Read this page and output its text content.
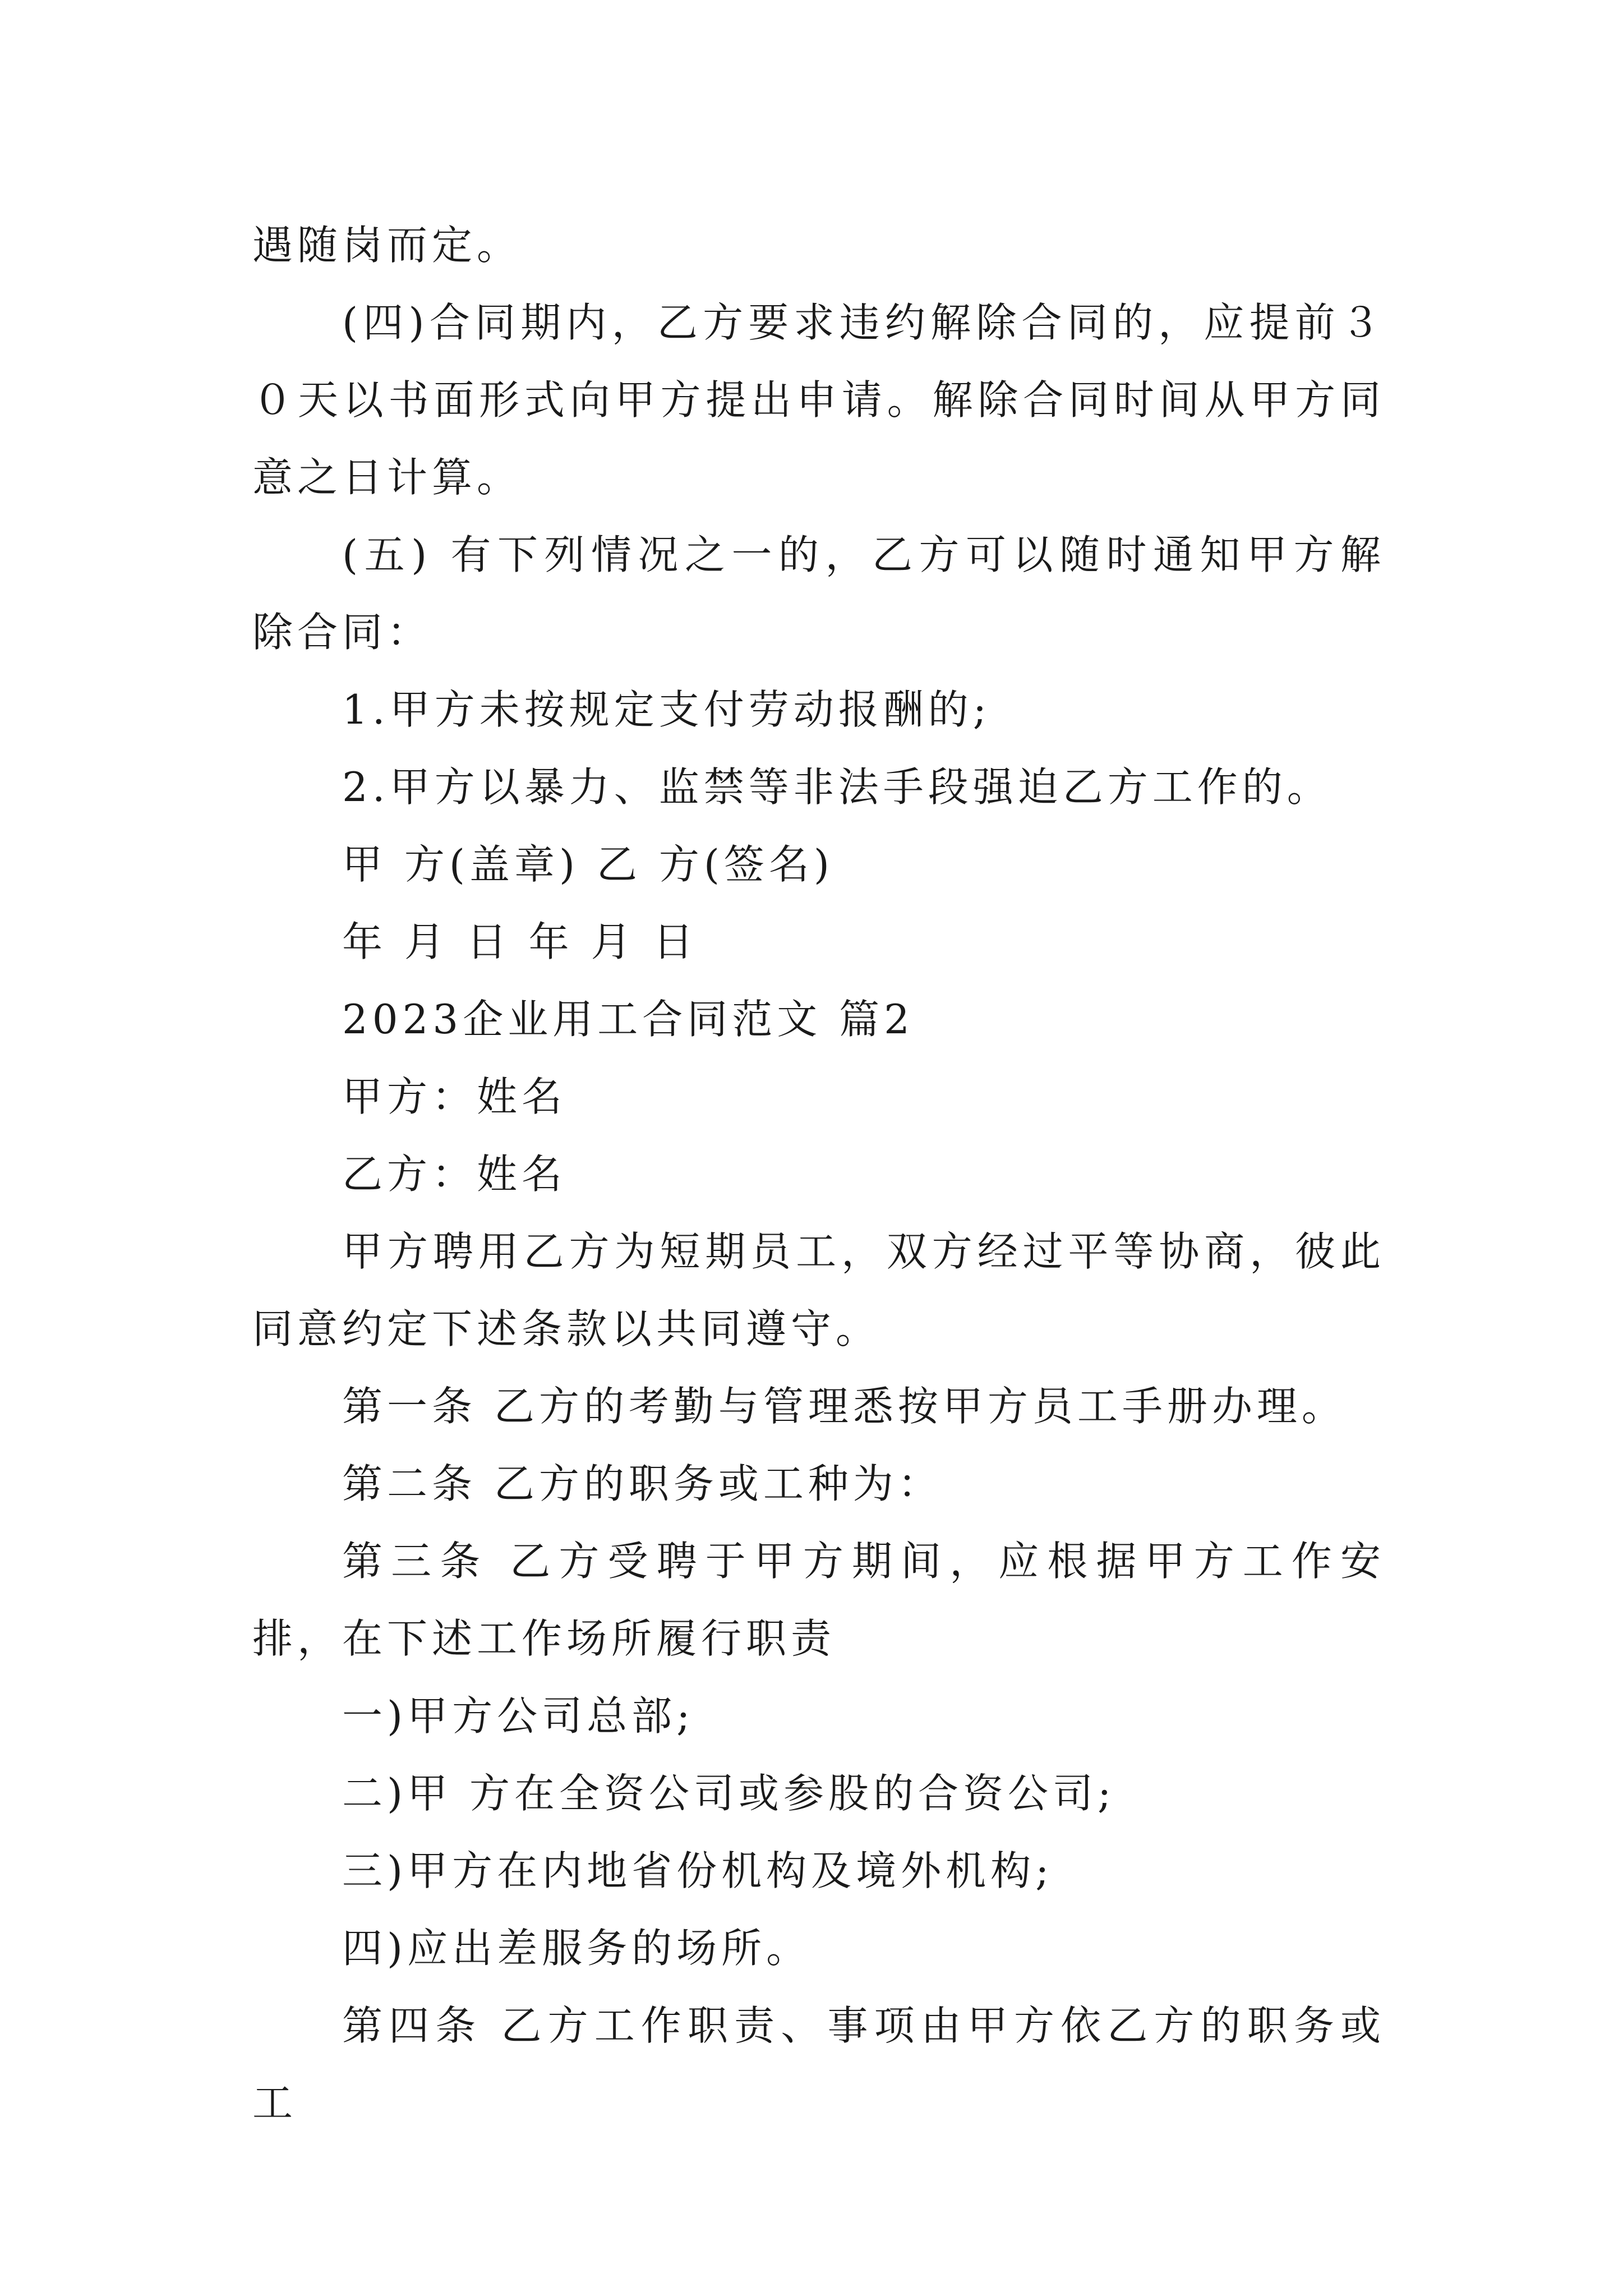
遇随岗而定。

(四)合同期内，乙方要求违约解除合同的，应提前３０天以书面形式向甲方提出申请。解除合同时间从甲方同意之日计算。

(五) 有下列情况之一的，乙方可以随时通知甲方解除合同：

1.甲方未按规定支付劳动报酬的;

2.甲方以暴力、监禁等非法手段强迫乙方工作的。

甲 方(盖章) 乙 方(签名)

年 月 日 年 月 日

2023企业用工合同范文 篇2

甲方：姓名

乙方：姓名

甲方聘用乙方为短期员工，双方经过平等协商，彼此同意约定下述条款以共同遵守。

第一条 乙方的考勤与管理悉按甲方员工手册办理。

第二条 乙方的职务或工种为：

第三条 乙方受聘于甲方期间，应根据甲方工作安排，在下述工作场所履行职责

一)甲方公司总部;

二)甲 方在全资公司或参股的合资公司;

三)甲方在内地省份机构及境外机构;

四)应出差服务的场所。

第四条 乙方工作职责、事项由甲方依乙方的职务或工
